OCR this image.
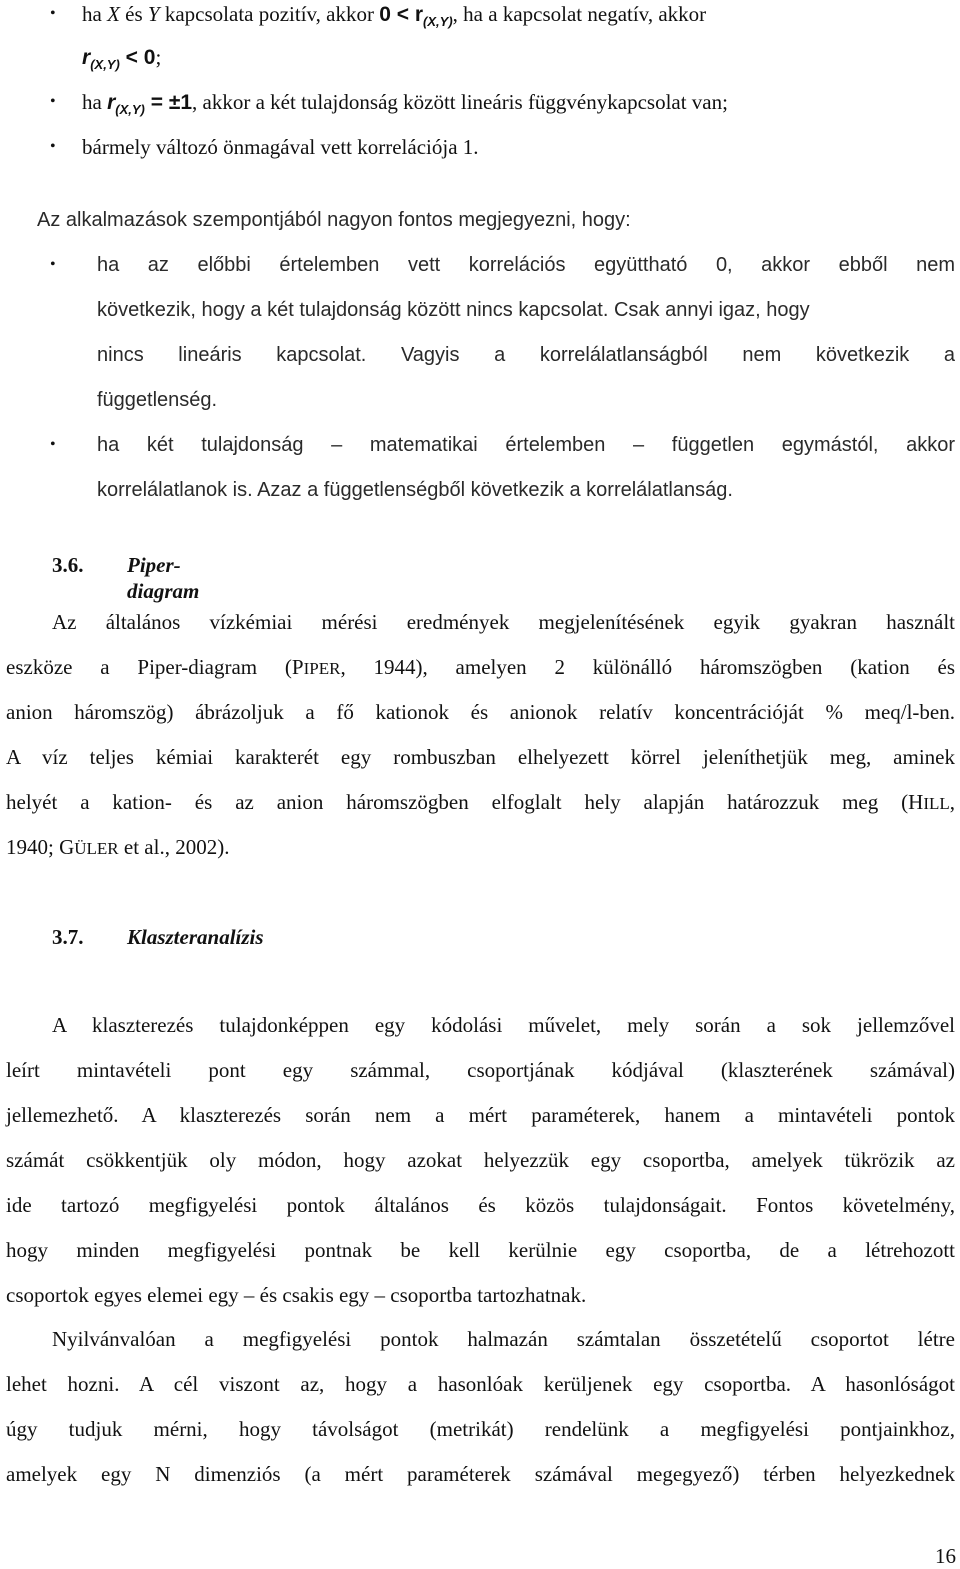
• ha X és Y kapcsolata pozitív, akkor $0 < r_{(X,Y)}$, ha a kapcsolat negatív, akkor
$r_{(X,Y)} < 0$;
• ha $r_{(X,Y)} = \pm 1$, akkor a két tulajdonság között lineáris függvénykapcsolat van;
• bármely változó önmagával vett korrelációja 1.
Az alkalmazások szempontjából nagyon fontos megjegyezni, hogy:
• ha az előbbi értelemben vett korrelációs együttható 0, akkor ebből nem
következik, hogy a két tulajdonság között nincs kapcsolat. Csak annyi igaz, hogy
nincs lineáris kapcsolat. Vagyis a korrelálatlanságból nem következik a
függetlenség.
• ha két tulajdonság – matematikai értelemben – független egymástól, akkor
korrelálatlanok is. Azaz a függetlenségből következik a korrelálatlanság.
3.6. Piper-diagram
Az általános vízkémiai mérési eredmények megjelenítésének egyik gyakran használt
eszköze a Piper-diagram (PIPER, 1944), amelyen 2 különálló háromszögben (kation és
anion háromszög) ábrázoljuk a fő kationok és anionok relatív koncentrációját % meq/l-ben.
A víz teljes kémiai karakterét egy rombuszban elhelyezett körrel jeleníthetjük meg, aminek
helyét a kation- és az anion háromszögben elfoglalt hely alapján határozzuk meg (HILL,
1940; GÜLER et al., 2002).
3.7. Klaszteranalízis
A klaszterezés tulajdonképpen egy kódolási művelet, mely során a sok jellemzővel
leírt mintavételi pont egy számmal, csoportjának kódjával (klaszterének számával)
jellemezhető. A klaszterezés során nem a mért paraméterek, hanem a mintavételi pontok
számát csökkentjük oly módon, hogy azokat helyezzük egy csoportba, amelyek tükrözik az
ide tartozó megfigyelési pontok általános és közös tulajdonságait. Fontos követelmény,
hogy minden megfigyelési pontnak be kell kerülnie egy csoportba, de a létrehozott
csoportok egyes elemei egy – és csakis egy – csoportba tartozhatnak.
Nyilvánvalóan a megfigyelési pontok halmazán számtalan összetételű csoportot létre
lehet hozni. A cél viszont az, hogy a hasonlóak kerüljenek egy csoportba. A hasonlóságot
úgy tudjuk mérni, hogy távolságot (metrikát) rendelünk a megfigyelési pontjainkhoz,
amelyek egy N dimenziós (a mért paraméterek számával megegyező) térben helyezkednek
16
